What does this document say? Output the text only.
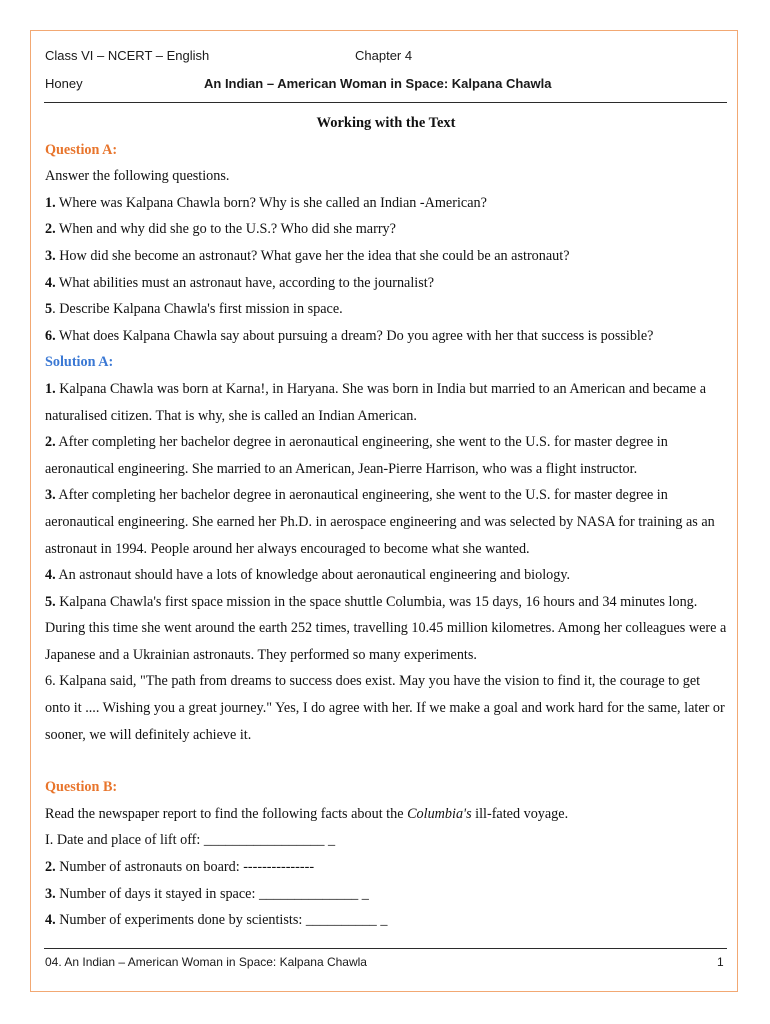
Class VI – NCERT – English	Chapter 4
Honey	An Indian – American Woman in Space: Kalpana Chawla

Working with the Text

Question A:

Answer the following questions.

1. Where was Kalpana Chawla born? Why is she called an Indian -American?

2. When and why did she go to the U.S.? Who did she marry?

3. How did she become an astronaut? What gave her the idea that she could be an astronaut?

4. What abilities must an astronaut have, according to the journalist?

5. Describe Kalpana Chawla's first mission in space.

6. What does Kalpana Chawla say about pursuing a dream? Do you agree with her that success is possible?

Solution A:

1. Kalpana Chawla was born at Karna!, in Haryana. She was born in India but married to an American and became a naturalised citizen. That is why, she is called an Indian American.

2. After completing her bachelor degree in aeronautical engineering, she went to the U.S. for master degree in aeronautical engineering. She married to an American, Jean-Pierre Harrison, who was a flight instructor.

3. After completing her bachelor degree in aeronautical engineering, she went to the U.S. for master degree in aeronautical engineering. She earned her Ph.D. in aerospace engineering and was selected by NASA for training as an astronaut in 1994. People around her always encouraged to become what she wanted.

4. An astronaut should have a lots of knowledge about aeronautical engineering and biology.

5. Kalpana Chawla's first space mission in the space shuttle Columbia, was 15 days, 16 hours and 34 minutes long. During this time she went around the earth 252 times, travelling 10.45 million kilometres. Among her colleagues were a Japanese and a Ukrainian astronauts. They performed so many experiments.

6. Kalpana said, "The path from dreams to success does exist. May you have the vision to find it, the courage to get onto it .... Wishing you a great journey." Yes, I do agree with her. If we make a goal and work hard for the same, later or sooner, we will definitely achieve it.

Question B:

Read the newspaper report to find the following facts about the Columbia's ill-fated voyage.

I. Date and place of lift off: _________________ _

2. Number of astronauts on board: ---------------

3. Number of days it stayed in space: ______________ _

4. Number of experiments done by scientists: __________ _

04. An Indian – American Woman in Space: Kalpana Chawla	1
